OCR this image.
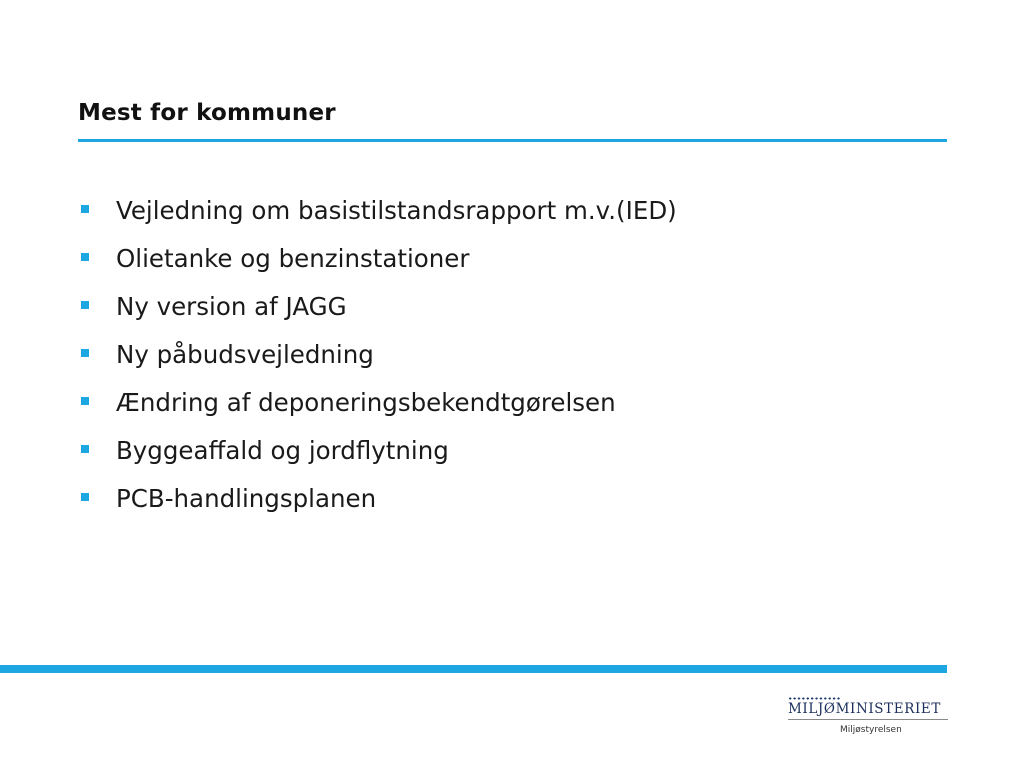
Mest for kommuner
Vejledning om basistilstandsrapport m.v.(IED)
Olietanke og benzinstationer
Ny version af JAGG
Ny påbudsvejledning
Ændring af deponeringsbekendtgørelsen
Byggeaffald og jordflytning
PCB-handlingsplanen
MILJØMINISTERIET
Miljøstyrelsen
